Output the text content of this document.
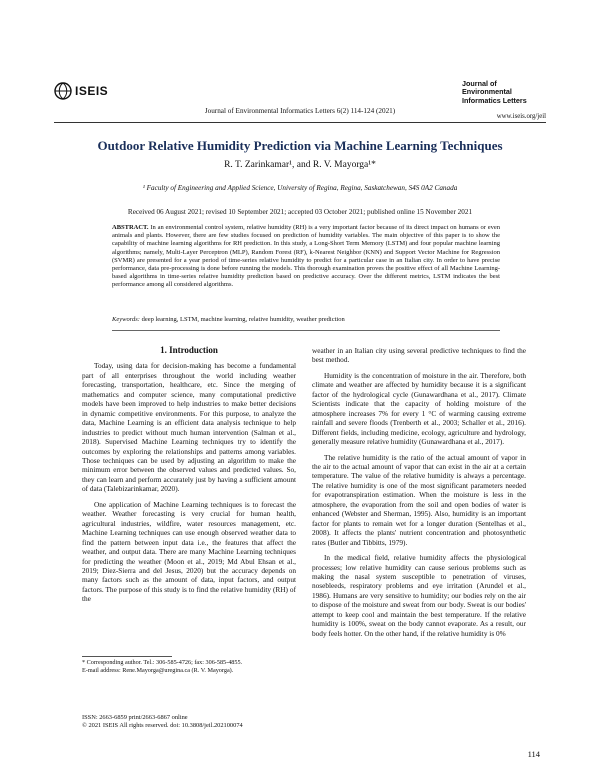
ISEIS
Journal of
Environmental
Informatics Letters
Journal of Environmental Informatics Letters 6(2) 114-124 (2021)
www.iseis.org/jeil
Outdoor Relative Humidity Prediction via Machine Learning Techniques
R. T. Zarinkamar¹, and R. V. Mayorga¹*
¹ Faculty of Engineering and Applied Science, University of Regina, Regina, Saskatchewan, S4S 0A2 Canada
Received 06 August 2021; revised 10 September 2021; accepted 03 October 2021; published online 15 November 2021
ABSTRACT. In an environmental control system, relative humidity (RH) is a very important factor because of its direct impact on humans or even animals and plants. However, there are few studies focused on prediction of humidity variables. The main objective of this paper is to show the capability of machine learning algorithms for RH prediction. In this study, a Long-Short Term Memory (LSTM) and four popular machine learning algorithms; namely, Multi-Layer Perceptron (MLP), Random Forest (RF), k-Nearest Neighbor (KNN) and Support Vector Machine for Regression (SVMR) are presented for a year period of time-series relative humidity to predict for a particular case in an Italian city. In order to have precise performance, data pre-processing is done before running the models. This thorough examination proves the positive effect of all Machine Learning-based algorithms in time-series relative humidity prediction based on predictive accuracy. Over the different metrics, LSTM indicates the best performance among all considered algorithms.
Keywords: deep learning, LSTM, machine learning, relative humidity, weather prediction

1. Introduction

Today, using data for decision-making has become a fundamental part of all enterprises throughout the world including weather forecasting, transportation, healthcare, etc. Since the merging of mathematics and computer science, many computational predictive models have been improved to help industries to make better decisions in dynamic competitive environments. For this purpose, to analyze the data, Machine Learning is an efficient data analysis technique to help industries to predict without much human intervention (Salman et al., 2018). Supervised Machine Learning techniques try to identify the outcomes by exploring the relationships and patterns among variables. Those techniques can be used by adjusting an algorithm to make the minimum error between the observed values and predicted values. So, they can learn and perform accurately just by having a sufficient amount of data (Talebizarinkamar, 2020).

One application of Machine Learning techniques is to forecast the weather. Weather forecasting is very crucial for human health, agricultural industries, wildfire, water resources management, etc. Machine Learning techniques can use enough observed weather data to find the pattern between input data i.e., the features that affect the weather, and output data. There are many Machine Learning techniques for predicting the weather (Moon et al., 2019; Md Abul Ehsan et al., 2019; Diez-Sierra and del Jesus, 2020) but the accuracy depends on many factors such as the amount of data, input factors, and output factors. The purpose of this study is to find the relative humidity (RH) of the

weather in an Italian city using several predictive techniques to find the best method.

Humidity is the concentration of moisture in the air. Therefore, both climate and weather are affected by humidity because it is a significant factor of the hydrological cycle (Gunawardhana et al., 2017). Climate Scientists indicate that the capacity of holding moisture of the atmosphere increases 7% for every 1 °C of warming causing extreme rainfall and severe floods (Trenberth et al., 2003; Schaller et al., 2016). Different fields, including medicine, ecology, agriculture and hydrology, generally measure relative humidity (Gunawardhana et al., 2017).

The relative humidity is the ratio of the actual amount of vapor in the air to the actual amount of vapor that can exist in the air at a certain temperature. The value of the relative humidity is always a percentage. The relative humidity is one of the most significant parameters needed for evapotranspiration estimation. When the moisture is less in the atmosphere, the evaporation from the soil and open bodies of water is enhanced (Webster and Sherman, 1995). Also, humidity is an important factor for plants to remain wet for a longer duration (Sentelhas et al., 2008). It affects the plants' nutrient concentration and photosynthetic rates (Butler and Tibbitts, 1979).

In the medical field, relative humidity affects the physiological processes; low relative humidity can cause serious problems such as making the nasal system susceptible to penetration of viruses, nosebleeds, respiratory problems and eye irritation (Arundel et al., 1986). Humans are very sensitive to humidity; our bodies rely on the air to dispose of the moisture and sweat from our body. Sweat is our bodies' attempt to keep cool and maintain the best temperature. If the relative humidity is 100%, sweat on the body cannot evaporate. As a result, our body feels hotter. On the other hand, if the relative humidity is 0%

* Corresponding author. Tel.: 306-585-4726; fax: 306-585-4855.
E-mail address: Rene.Mayorga@uregina.ca (R. V. Mayorga).
ISSN: 2663-6859 print/2663-6867 online
© 2021 ISEIS All rights reserved. doi: 10.3808/jeil.202100074
114
